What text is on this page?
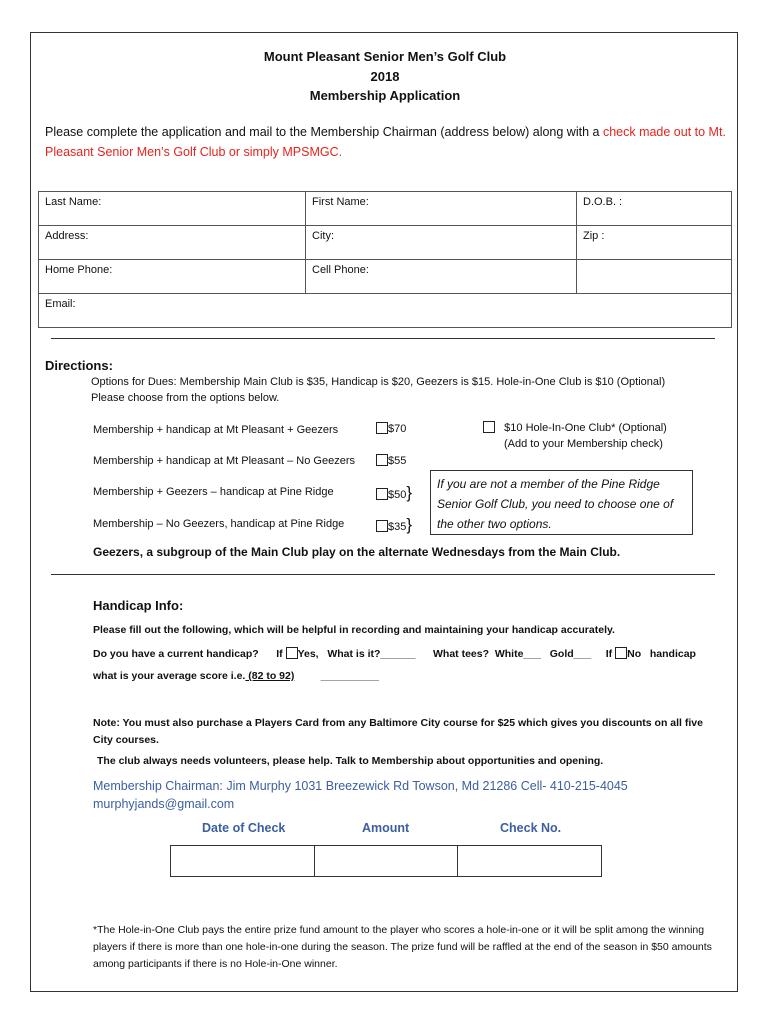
Mount Pleasant Senior Men’s Golf Club
2018
Membership Application
Please complete the application and mail to the Membership Chairman (address below) along with a check made out to Mt. Pleasant Senior Men’s Golf Club or simply MPSMGC.
Last Name:	First Name:	D.O.B. :
Address:	City:	Zip :
Home Phone:	Cell Phone:	
Email:		
Directions:
Options for Dues: Membership Main Club is $35, Handicap is $20, Geezers is $15. Hole-in-One Club is $10 (Optional)
Please choose from the options below.
Membership + handicap at Mt Pleasant + Geezers	$70
Membership + handicap at Mt Pleasant – No Geezers	$55
Membership + Geezers – handicap at Pine Ridge	$50}
Membership – No Geezers, handicap at Pine Ridge	$35}
$10 Hole-In-One Club* (Optional)
(Add to your Membership check)
If you are not a member of the Pine Ridge Senior Golf Club, you need to choose one of the other two options.
Geezers, a subgroup of the Main Club play on the alternate Wednesdays from the Main Club.
Handicap Info:
Please fill out the following, which will be helpful in recording and maintaining your handicap accurately.
Do you have a current handicap? If Yes, What is it?______ What tees? White___ Gold___ If No handicap
what is your average score i.e. (82 to 92)	__________
Note: You must also purchase a Players Card from any Baltimore City course for $25 which gives you discounts on all five City courses.
The club always needs volunteers, please help. Talk to Membership about opportunities and opening.
Membership Chairman: Jim Murphy 1031 Breezewick Rd Towson, Md 21286 Cell- 410-215-4045
murphyjands@gmail.com
Date of Check	Amount	Check No.

*The Hole-in-One Club pays the entire prize fund amount to the player who scores a hole-in-one or it will be split among the winning players if there is more than one hole-in-one during the season. The prize fund will be raffled at the end of the season in $50 amounts among participants if there is no Hole-in-One winner.
